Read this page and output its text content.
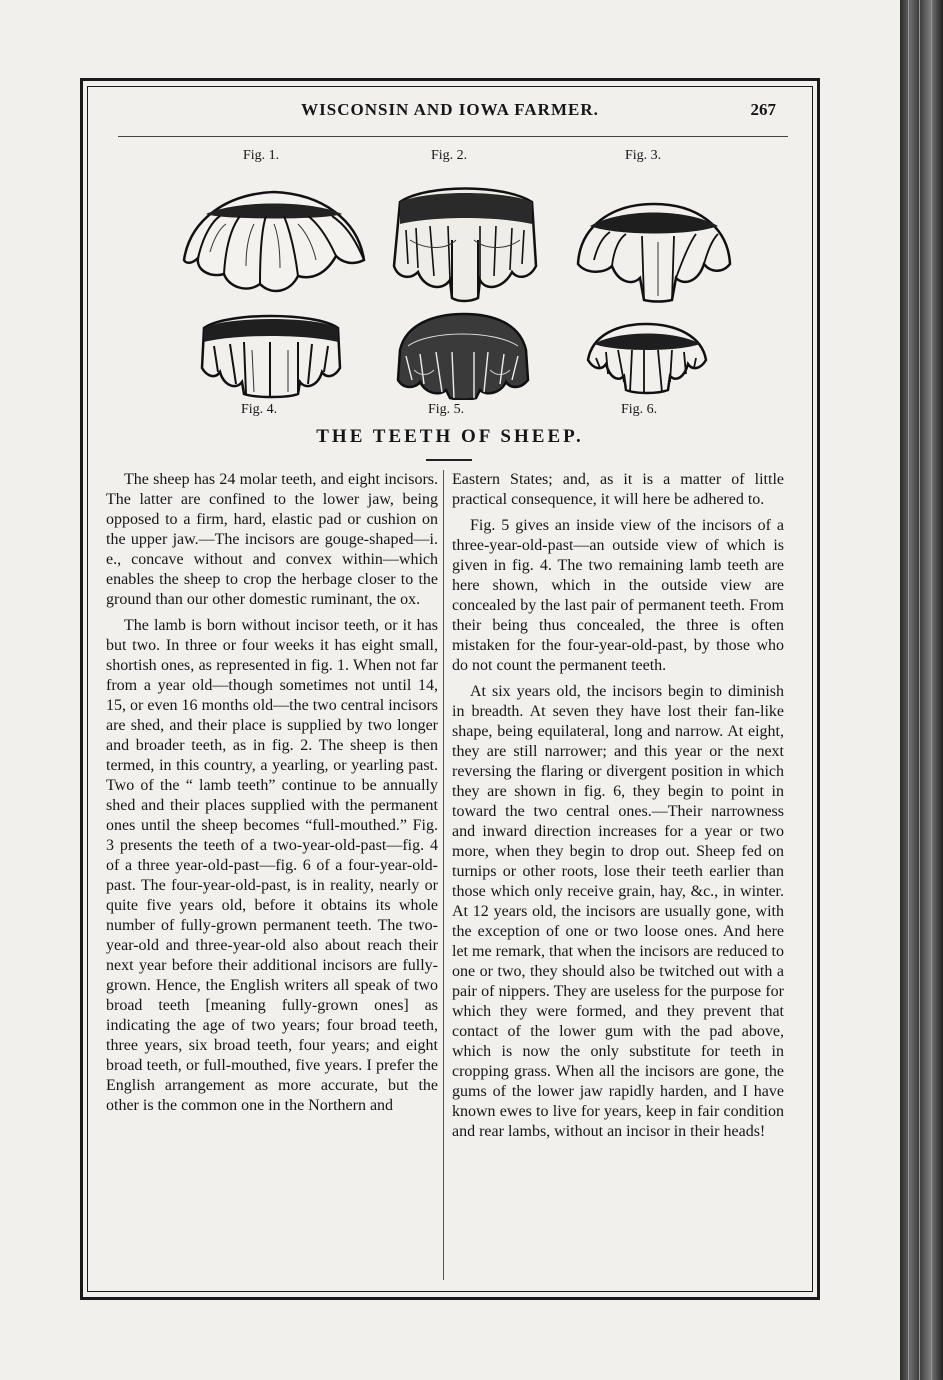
WISCONSIN AND IOWA FARMER.	267
Fig. 1.	Fig. 2.	Fig. 3.
Fig. 4.	Fig. 5.	Fig. 6.
THE TEETH OF SHEEP.

The sheep has 24 molar teeth, and eight incisors. The latter are confined to the lower jaw, being opposed to a firm, hard, elastic pad or cushion on the upper jaw.—The incisors are gouge-shaped—i. e., concave without and convex within—which enables the sheep to crop the herbage closer to the ground than our other domestic ruminant, the ox.

The lamb is born without incisor teeth, or it has but two. In three or four weeks it has eight small, shortish ones, as represented in fig. 1. When not far from a year old—though sometimes not until 14, 15, or even 16 months old—the two central incisors are shed, and their place is supplied by two longer and broader teeth, as in fig. 2. The sheep is then termed, in this country, a yearling, or yearling past. Two of the “ lamb teeth” continue to be annually shed and their places supplied with the permanent ones until the sheep becomes “full-mouthed.” Fig. 3 presents the teeth of a two-year-old-past—fig. 4 of a three year-old-past—fig. 6 of a four-year-old-past. The four-year-old-past, is in reality, nearly or quite five years old, before it obtains its whole number of fully-grown permanent teeth. The two-year-old and three-year-old also about reach their next year before their additional incisors are fully-grown. Hence, the English writers all speak of two broad teeth [meaning fully-grown ones] as indicating the age of two years; four broad teeth, three years, six broad teeth, four years; and eight broad teeth, or full-mouthed, five years. I prefer the English arrangement as more accurate, but the other is the common one in the Northern and

Eastern States; and, as it is a matter of little practical consequence, it will here be adhered to.

Fig. 5 gives an inside view of the incisors of a three-year-old-past—an outside view of which is given in fig. 4. The two remaining lamb teeth are here shown, which in the outside view are concealed by the last pair of permanent teeth. From their being thus concealed, the three is often mistaken for the four-year-old-past, by those who do not count the permanent teeth.

At six years old, the incisors begin to diminish in breadth. At seven they have lost their fan-like shape, being equilateral, long and narrow. At eight, they are still narrower; and this year or the next reversing the flaring or divergent position in which they are shown in fig. 6, they begin to point in toward the two central ones.—Their narrowness and inward direction increases for a year or two more, when they begin to drop out. Sheep fed on turnips or other roots, lose their teeth earlier than those which only receive grain, hay, &c., in winter. At 12 years old, the incisors are usually gone, with the exception of one or two loose ones. And here let me remark, that when the incisors are reduced to one or two, they should also be twitched out with a pair of nippers. They are useless for the purpose for which they were formed, and they prevent that contact of the lower gum with the pad above, which is now the only substitute for teeth in cropping grass. When all the incisors are gone, the gums of the lower jaw rapidly harden, and I have known ewes to live for years, keep in fair condition and rear lambs, without an incisor in their heads!
